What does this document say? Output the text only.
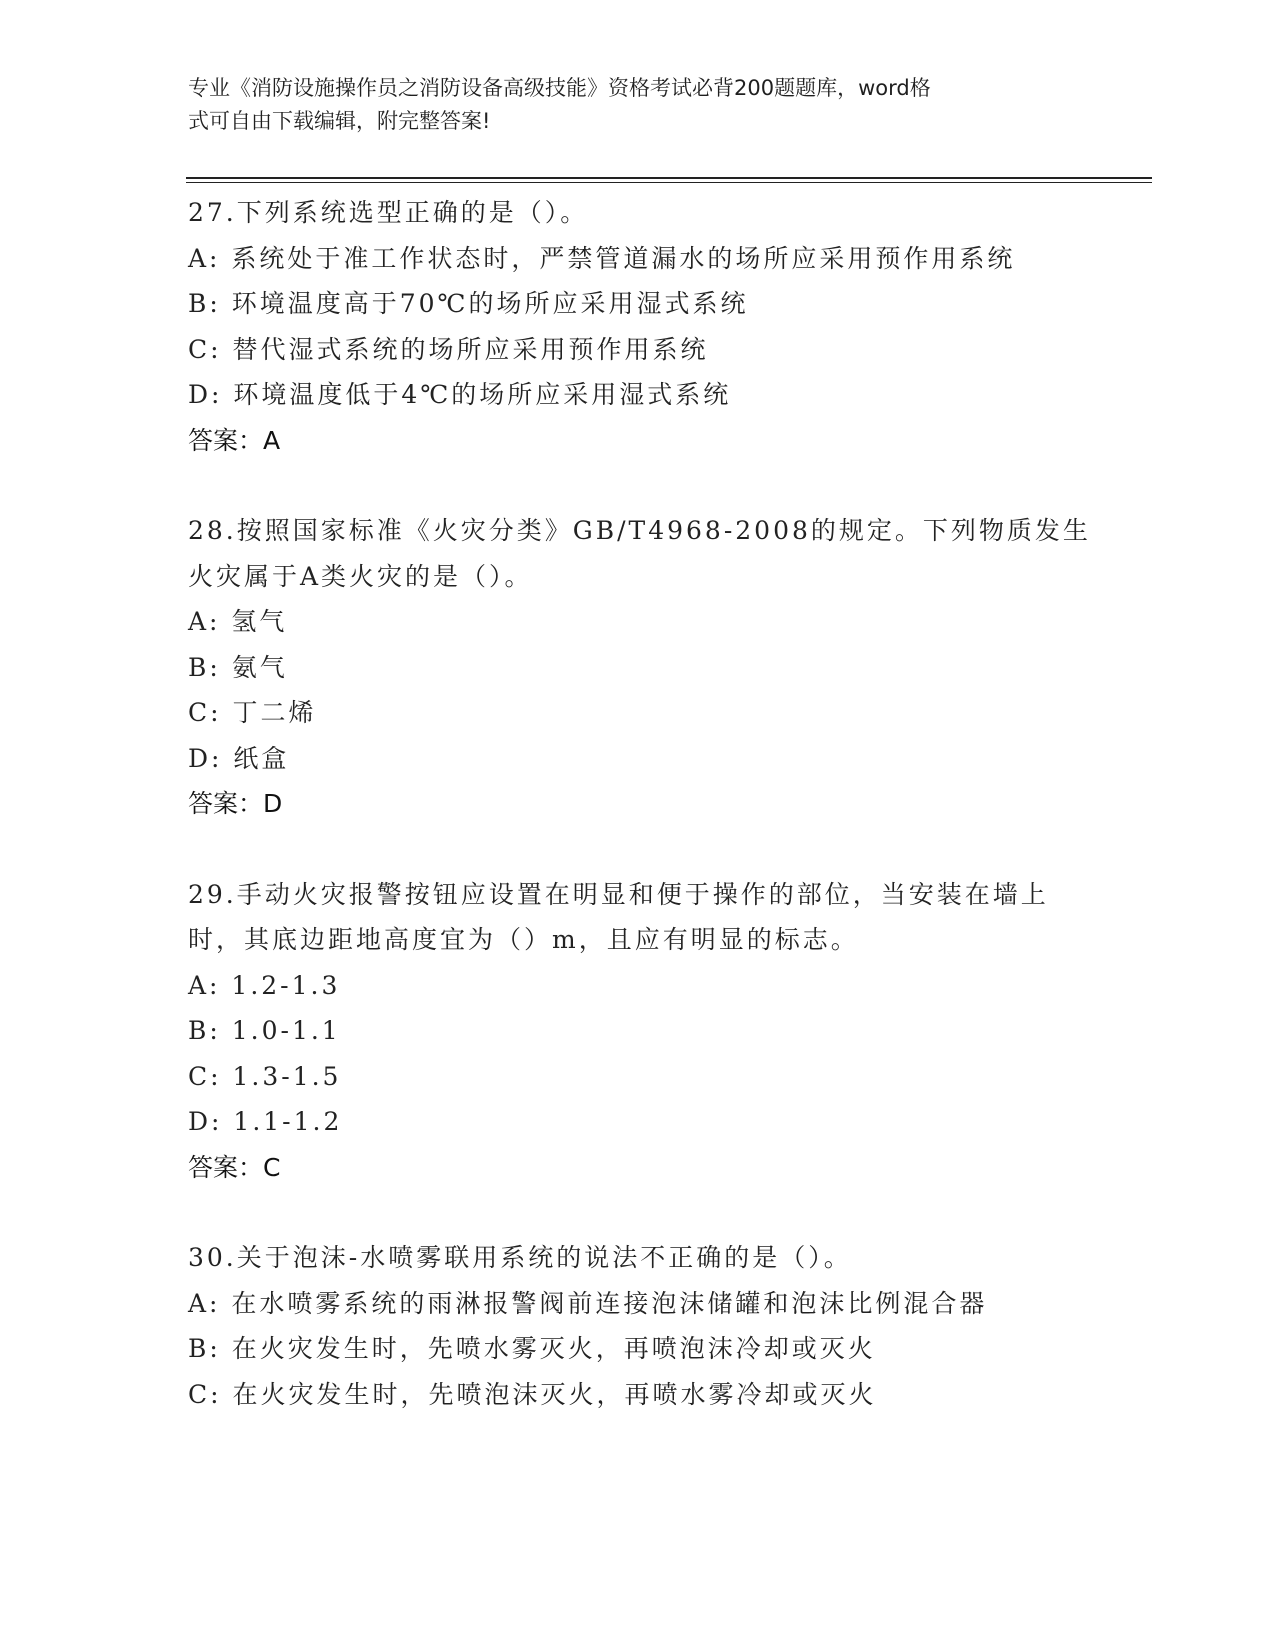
专业《消防设施操作员之消防设备高级技能》资格考试必背200题题库，word格
式可自由下载编辑，附完整答案!
27.下列系统选型正确的是（）。
A: 系统处于准工作状态时，严禁管道漏水的场所应采用预作用系统
B: 环境温度高于70℃的场所应采用湿式系统
C: 替代湿式系统的场所应采用预作用系统
D: 环境温度低于4℃的场所应采用湿式系统
答案：A
28.按照国家标准《火灾分类》GB/T4968-2008的规定。下列物质发生
火灾属于A类火灾的是（）。
A: 氢气
B: 氨气
C: 丁二烯
D: 纸盒
答案：D
29.手动火灾报警按钮应设置在明显和便于操作的部位，当安装在墙上
时，其底边距地高度宜为（）m，且应有明显的标志。
A: 1.2-1.3
B: 1.0-1.1
C: 1.3-1.5
D: 1.1-1.2
答案：C
30.关于泡沫-水喷雾联用系统的说法不正确的是（）。
A: 在水喷雾系统的雨淋报警阀前连接泡沫储罐和泡沫比例混合器
B: 在火灾发生时，先喷水雾灭火，再喷泡沫冷却或灭火
C: 在火灾发生时，先喷泡沫灭火，再喷水雾冷却或灭火
